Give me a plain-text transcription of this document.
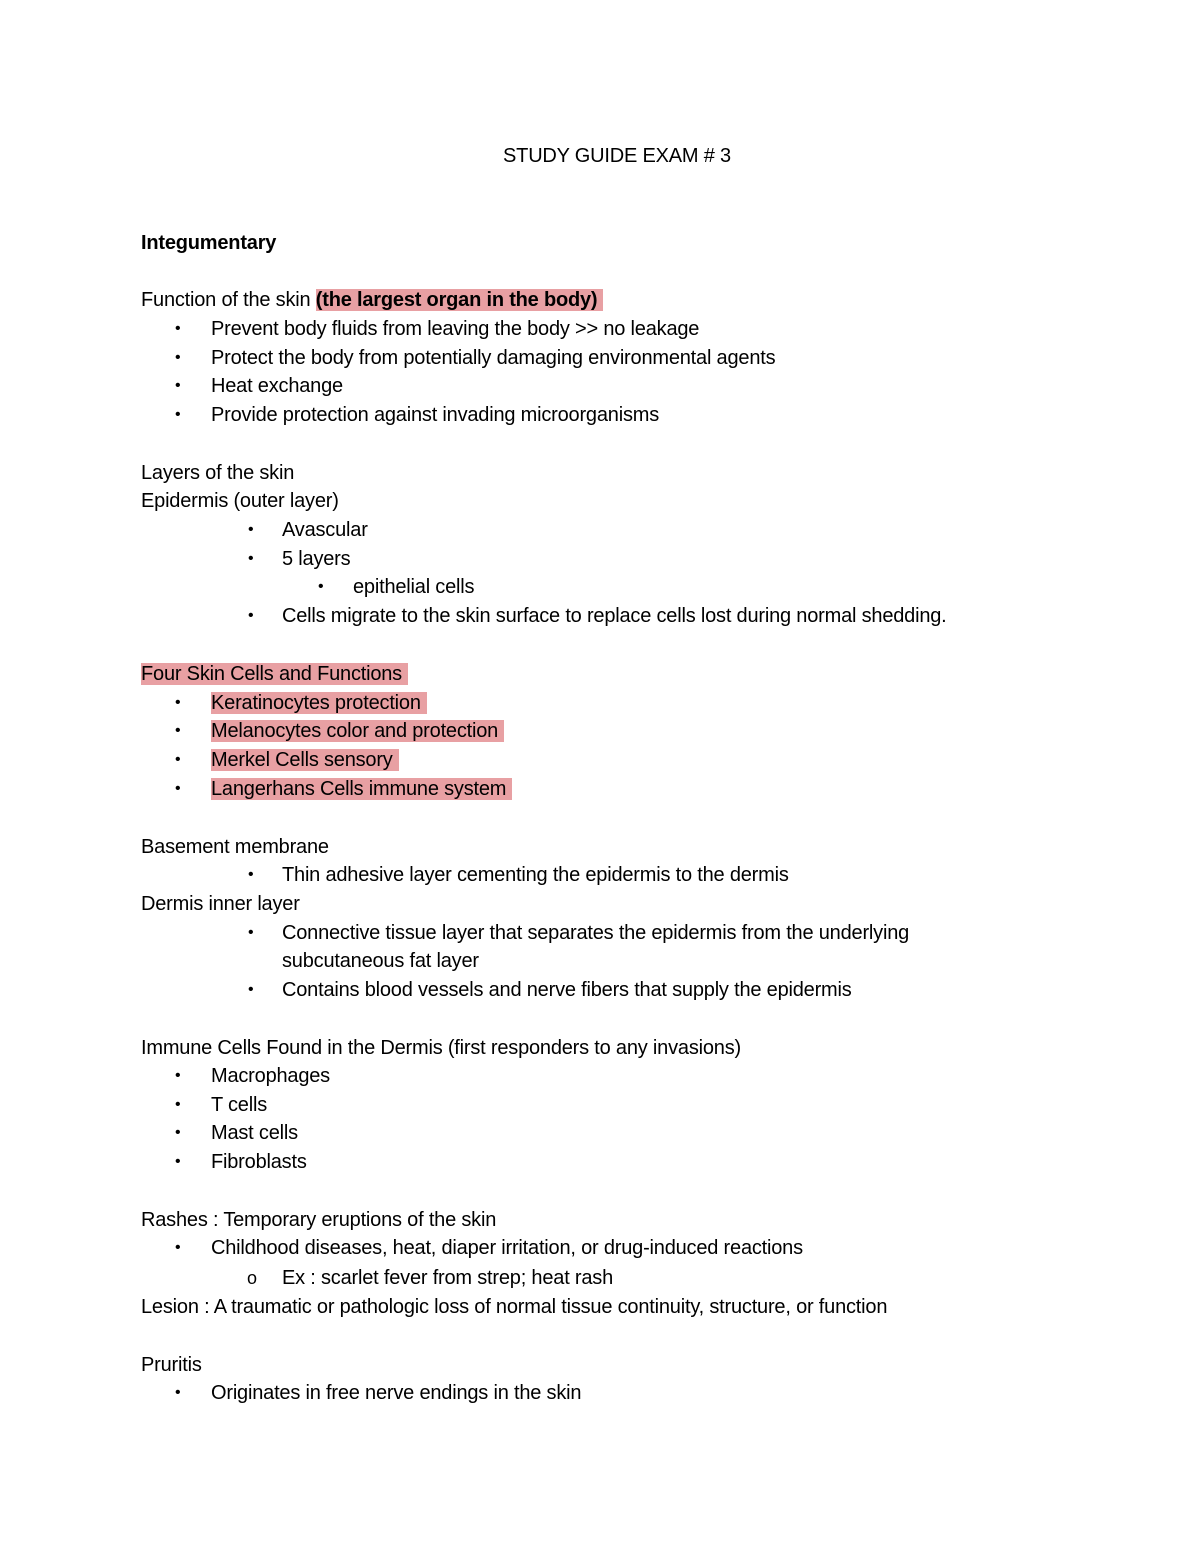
STUDY GUIDE EXAM # 3
Integumentary
Function of the skin (the largest organ in the body)
• Prevent body fluids from leaving the body >> no leakage
• Protect the body from potentially damaging environmental agents
• Heat exchange
• Provide protection against invading microorganisms
Layers of the skin
Epidermis (outer layer)
• Avascular
• 5 layers
• epithelial cells
• Cells migrate to the skin surface to replace cells lost during normal shedding.
Four Skin Cells and Functions
• Keratinocytes protection
• Melanocytes color and protection
• Merkel Cells sensory
• Langerhans Cells immune system
Basement membrane
• Thin adhesive layer cementing the epidermis to the dermis
Dermis inner layer
• Connective tissue layer that separates the epidermis from the underlying
subcutaneous fat layer
• Contains blood vessels and nerve fibers that supply the epidermis
Immune Cells Found in the Dermis (first responders to any invasions)
• Macrophages
• T cells
• Mast cells
• Fibroblasts
Rashes : Temporary eruptions of the skin
• Childhood diseases, heat, diaper irritation, or drug-induced reactions
o Ex : scarlet fever from strep; heat rash
Lesion : A traumatic or pathologic loss of normal tissue continuity, structure, or function
Pruritis
• Originates in free nerve endings in the skin
